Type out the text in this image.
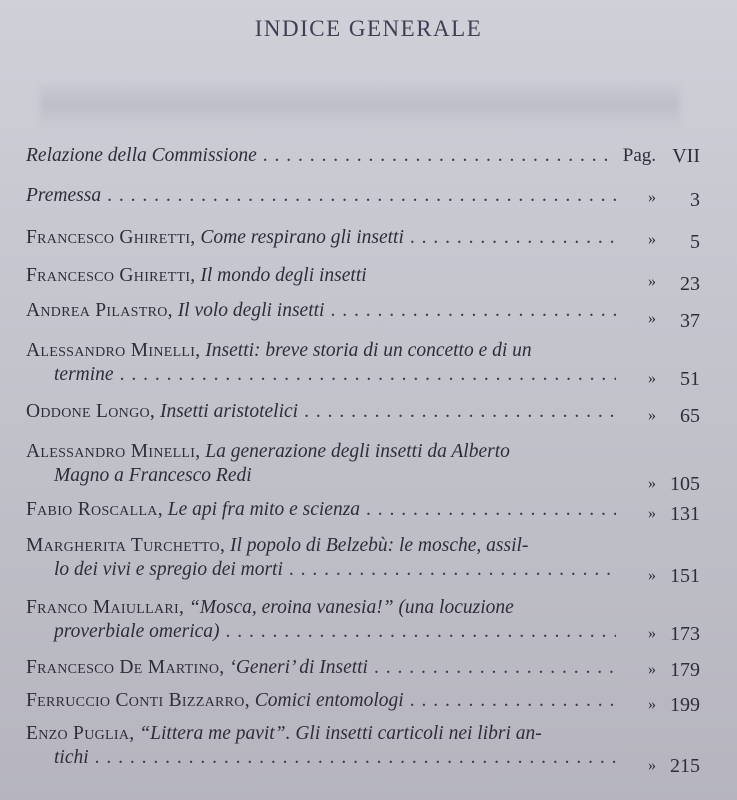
INDICE GENERALE
Relazione della Commissione . . .	Pag. VII
Premessa . . .	»	3
Francesco Ghiretti,
Come respirano gli insetti . . .	»	5
Francesco Ghiretti,
Il mondo degli insetti	»	23
Andrea Pilastro,
Il volo degli insetti . . .	»	37
Alessandro Minelli,
Insetti: breve storia di un concetto e di un
termine . . .	»	51
Oddone Longo,
Insetti aristotelici . . .	»	65
Alessandro Minelli,
La generazione degli insetti da Alberto
Magno a Francesco Redi	» 105
Fabio Roscalla,
Le api fra mito e scienza . . .	» 131
Margherita Turchetto,
Il popolo di Belzebù: le mosche, assil-
lo dei vivi e spregio dei morti . . .	» 151
Franco Maiullari,
“Mosca, eroina vanesia!” (una locuzione
proverbiale omerica) . . .	» 173
Francesco De Martino,
‘Generi’ di Insetti . . .	» 179
Ferruccio Conti Bizzarro,
Comici entomologi . . .	» 199
Enzo Puglia,
“Littera me pavit”. Gli insetti carticoli nei libri an-
tichi . . .	» 215
